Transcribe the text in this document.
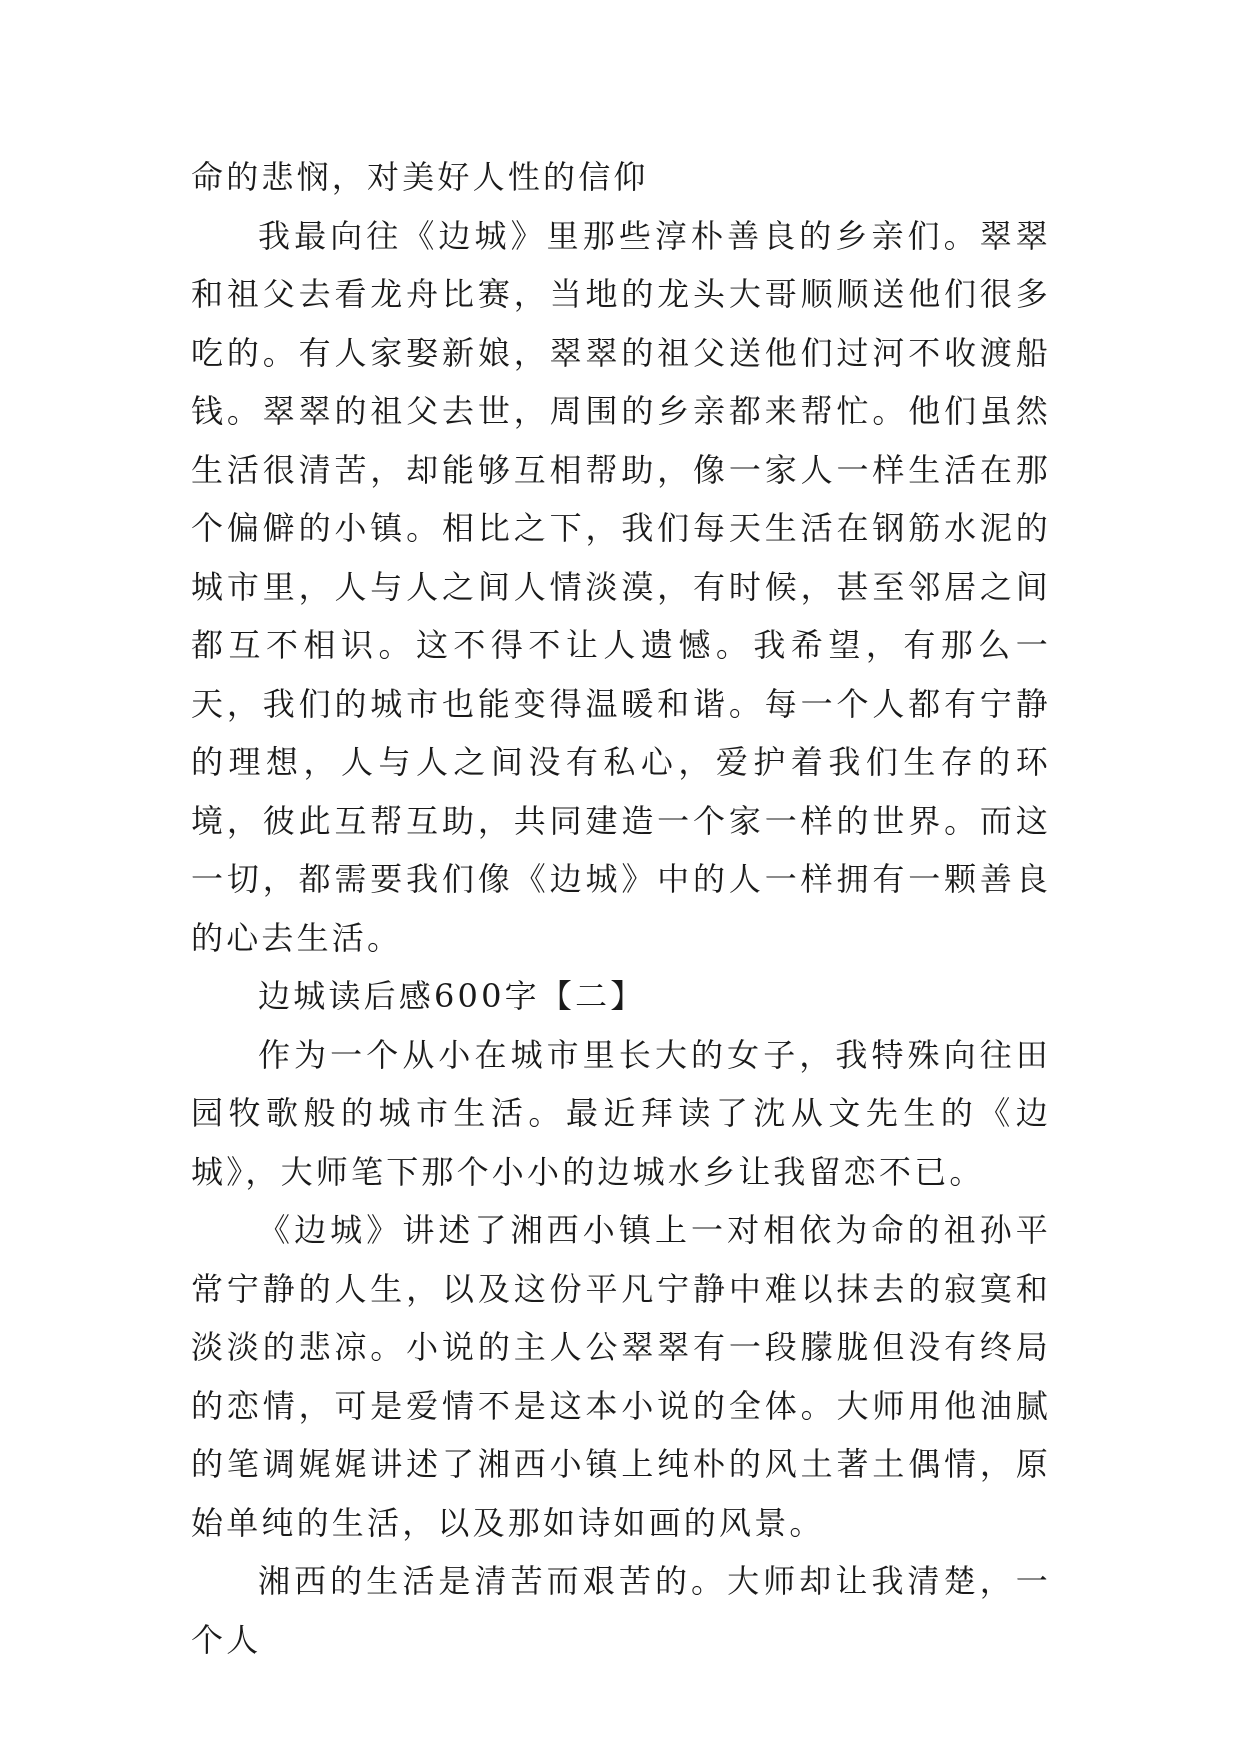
命的悲悯，对美好人性的信仰

我最向往《边城》里那些淳朴善良的乡亲们。翠翠和祖父去看龙舟比赛，当地的龙头大哥顺顺送他们很多吃的。有人家娶新娘，翠翠的祖父送他们过河不收渡船钱。翠翠的祖父去世，周围的乡亲都来帮忙。他们虽然生活很清苦，却能够互相帮助，像一家人一样生活在那个偏僻的小镇。相比之下，我们每天生活在钢筋水泥的城市里，人与人之间人情淡漠，有时候，甚至邻居之间都互不相识。这不得不让人遗憾。我希望，有那么一天，我们的城市也能变得温暖和谐。每一个人都有宁静的理想，人与人之间没有私心，爱护着我们生存的环境，彼此互帮互助，共同建造一个家一样的世界。而这一切，都需要我们像《边城》中的人一样拥有一颗善良的心去生活。

边城读后感600字【二】

作为一个从小在城市里长大的女子，我特殊向往田园牧歌般的城市生活。最近拜读了沈从文先生的《边城》，大师笔下那个小小的边城水乡让我留恋不已。

《边城》讲述了湘西小镇上一对相依为命的祖孙平常宁静的人生，以及这份平凡宁静中难以抹去的寂寞和淡淡的悲凉。小说的主人公翠翠有一段朦胧但没有终局的恋情，可是爱情不是这本小说的全体。大师用他油腻的笔调娓娓讲述了湘西小镇上纯朴的风土著土偶情，原始单纯的生活，以及那如诗如画的风景。

湘西的生活是清苦而艰苦的。大师却让我清楚，一个人
